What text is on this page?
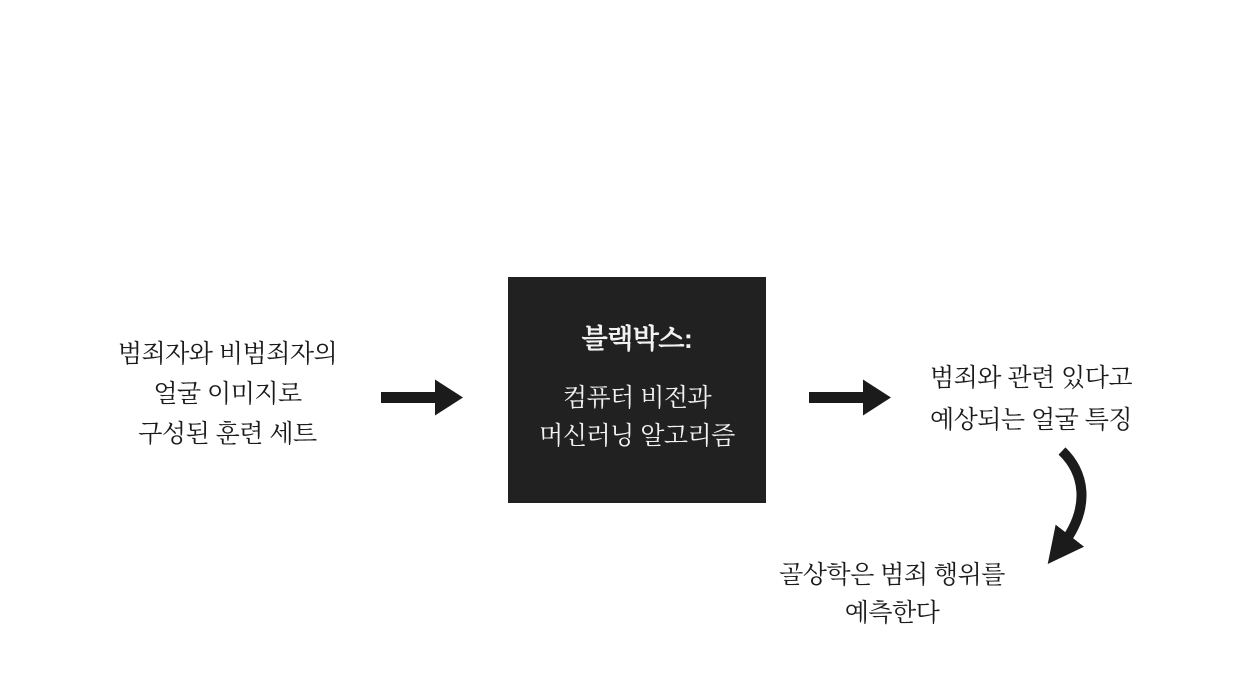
범죄자와 비범죄자의
얼굴 이미지로
구성된 훈련 세트
블랙박스:
컴퓨터 비전과
머신러닝 알고리즘
범죄와 관련 있다고
예상되는 얼굴 특징
골상학은 범죄 행위를
예측한다
